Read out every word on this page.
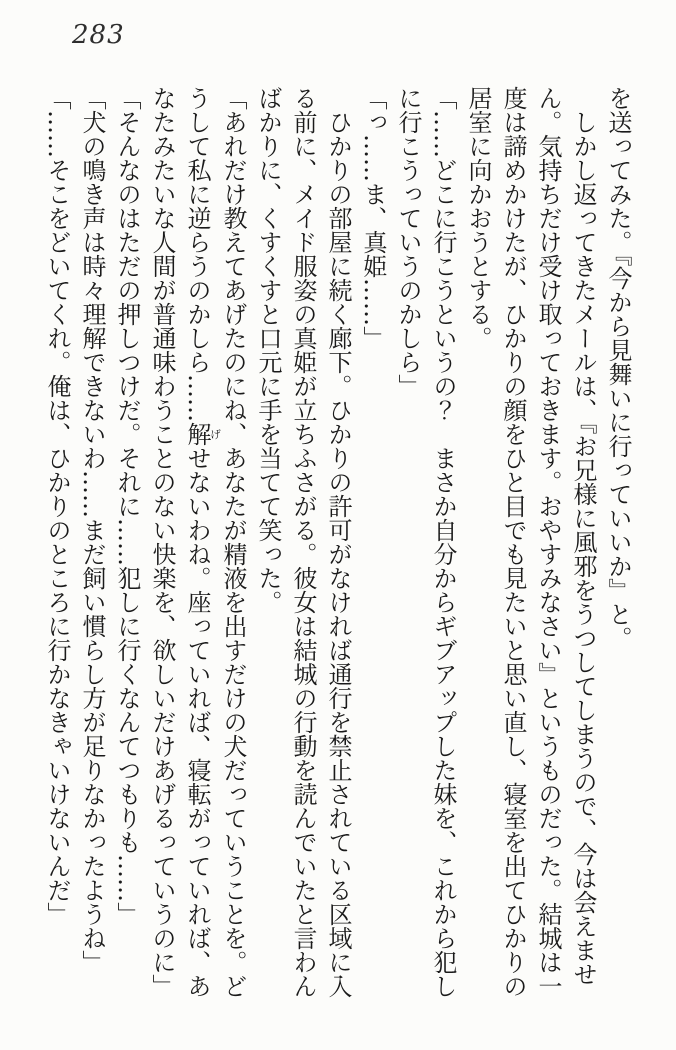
283

を送ってみた。『今から見舞いに行っていいか』と。

しかし返ってきたメールは、『お兄様に風邪をうつしてしまうので、今は会えません。気持ちだけ受け取っておきます。おやすみなさい』というものだった。結城は一度は諦めかけたが、ひかりの顔をひと目でも見たいと思い直し、寝室を出てひかりの居室に向かおうとする。

「……どこに行こうというの？　まさか自分からギブアップした妹を、これから犯しに行こうっていうのかしら」

「っ……ま、真姫……」

ひかりの部屋に続く廊下。ひかりの許可がなければ通行を禁止されている区域に入る前に、メイド服姿の真姫が立ちふさがる。彼女は結城の行動を読んでいたと言わんばかりに、くすくすと口元に手を当てて笑った。

「あれだけ教えてあげたのにね、あなたが精液を出すだけの犬だっていうことを。どうして私に逆らうのかしら……解げせないわね。座っていれば、寝転がっていれば、あなたみたいな人間が普通味わうことのない快楽を、欲しいだけあげるっていうのに」

「そんなのはただの押しつけだ。それに……犯しに行くなんてつもりも……」

「犬の鳴き声は時々理解できないわ……まだ飼い慣らし方が足りなかったようね」

「……そこをどいてくれ。俺は、ひかりのところに行かなきゃいけないんだ」
